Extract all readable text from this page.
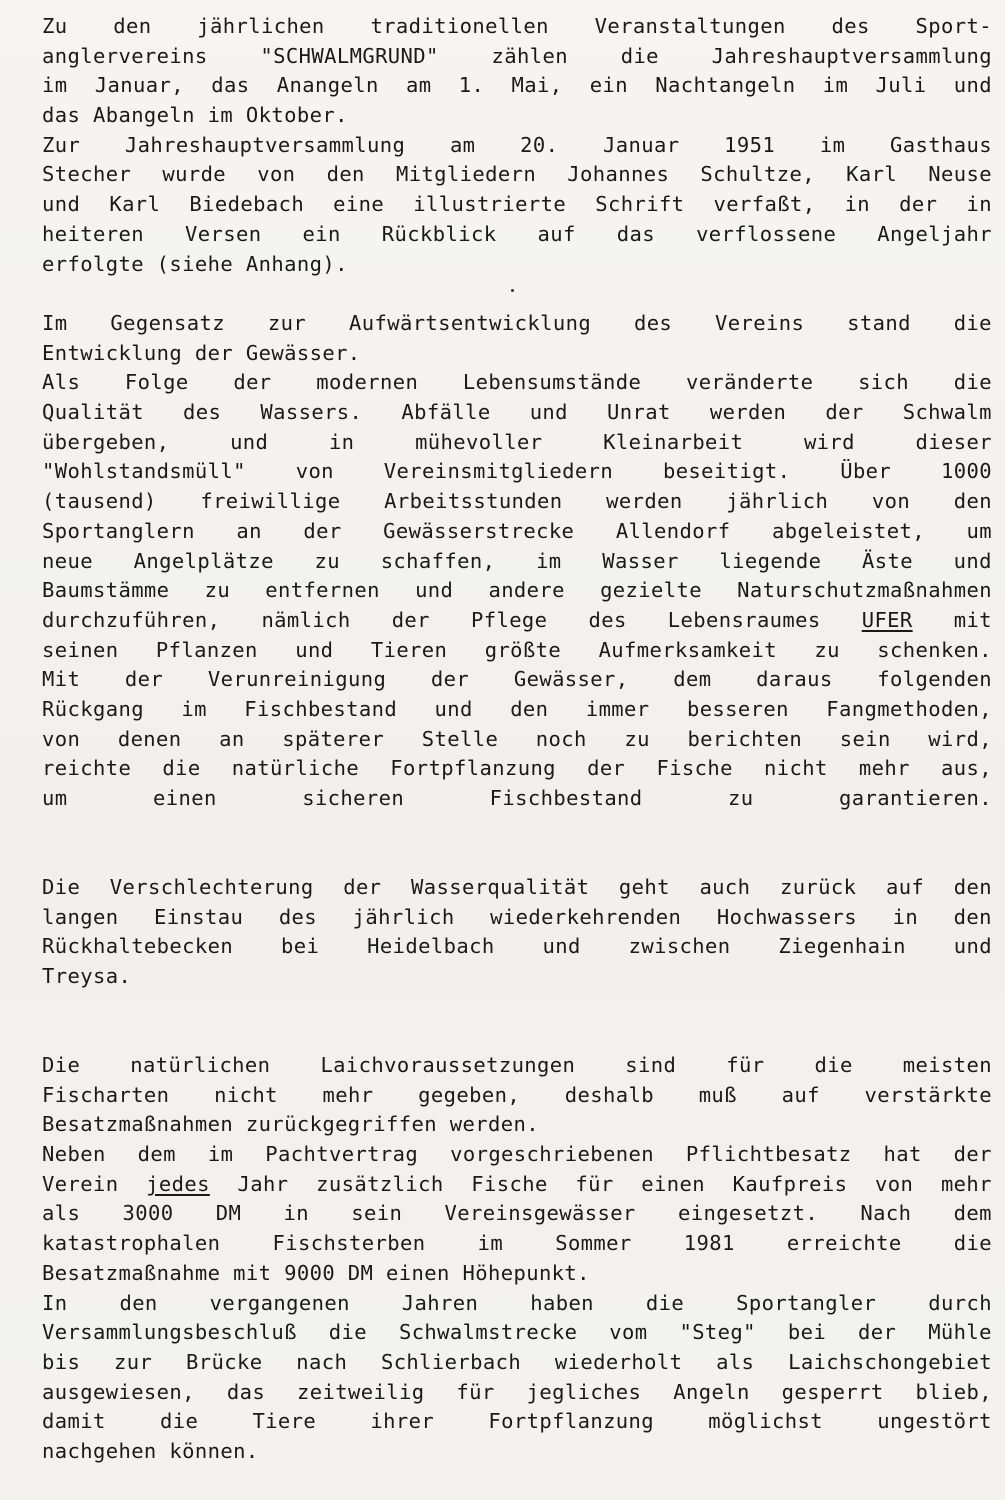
Zu den jährlichen traditionellen Veranstaltungen des Sport-
anglervereins	"SCHWALMGRUND"	zählen	die	Jahreshauptversammlung
im Januar, das Anangeln am 1. Mai, ein Nachtangeln im Juli und
das Abangeln im Oktober.
Zur Jahreshauptversammlung am 20. Januar 1951 im Gasthaus
Stecher wurde von den Mitgliedern Johannes Schultze, Karl Neuse
und Karl Biedebach eine illustrierte Schrift verfaßt, in der in
heiteren Versen ein Rückblick auf das verflossene Angeljahr
erfolgte (siehe Anhang).
Im Gegensatz zur Aufwärtsentwicklung des Vereins stand die
Entwicklung der Gewässer.
Als Folge der modernen Lebensumstände veränderte sich die
Qualität des Wassers. Abfälle und Unrat werden der Schwalm
übergeben,	und	in	mühevoller	Kleinarbeit	wird	dieser
"Wohlstandsmüll" von Vereinsmitgliedern beseitigt. Über 1000
(tausend) freiwillige Arbeitsstunden werden jährlich von den
Sportanglern an der Gewässerstrecke Allendorf abgeleistet, um
neue Angelplätze zu schaffen, im Wasser liegende Äste und
Baumstämme zu entfernen und andere gezielte Naturschutzmaßnahmen
durchzuführen, nämlich der Pflege des Lebensraumes UFER mit
seinen Pflanzen und Tieren größte Aufmerksamkeit zu schenken.
Mit der Verunreinigung der Gewässer, dem daraus folgenden
Rückgang im Fischbestand und den immer besseren Fangmethoden,
von denen an späterer Stelle noch zu berichten sein wird,
reichte die natürliche Fortpflanzung der Fische nicht mehr aus,
um	einen	sicheren	Fischbestand	zu	garantieren.
Die Verschlechterung der Wasserqualität geht auch zurück auf den
langen Einstau des jährlich wiederkehrenden Hochwassers in den
Rückhaltebecken bei Heidelbach und zwischen Ziegenhain und
Treysa.
Die natürlichen Laichvoraussetzungen sind für die meisten
Fischarten nicht mehr gegeben, deshalb muß auf verstärkte
Besatzmaßnahmen zurückgegriffen werden.
Neben dem im Pachtvertrag vorgeschriebenen Pflichtbesatz hat der
Verein jedes Jahr zusätzlich Fische für einen Kaufpreis von mehr
als 3000 DM in sein Vereinsgewässer eingesetzt. Nach dem
katastrophalen	Fischsterben	im	Sommer	1981	erreichte	die
Besatzmaßnahme mit 9000 DM einen Höhepunkt.
In	den	vergangenen	Jahren	haben	die	Sportangler	durch
Versammlungsbeschluß die Schwalmstrecke vom "Steg" bei der Mühle
bis zur Brücke nach Schlierbach wiederholt als Laichschongebiet
ausgewiesen, das zeitweilig für jegliches Angeln gesperrt blieb,
damit	die	Tiere	ihrer	Fortpflanzung	möglichst	ungestört
nachgehen können.
